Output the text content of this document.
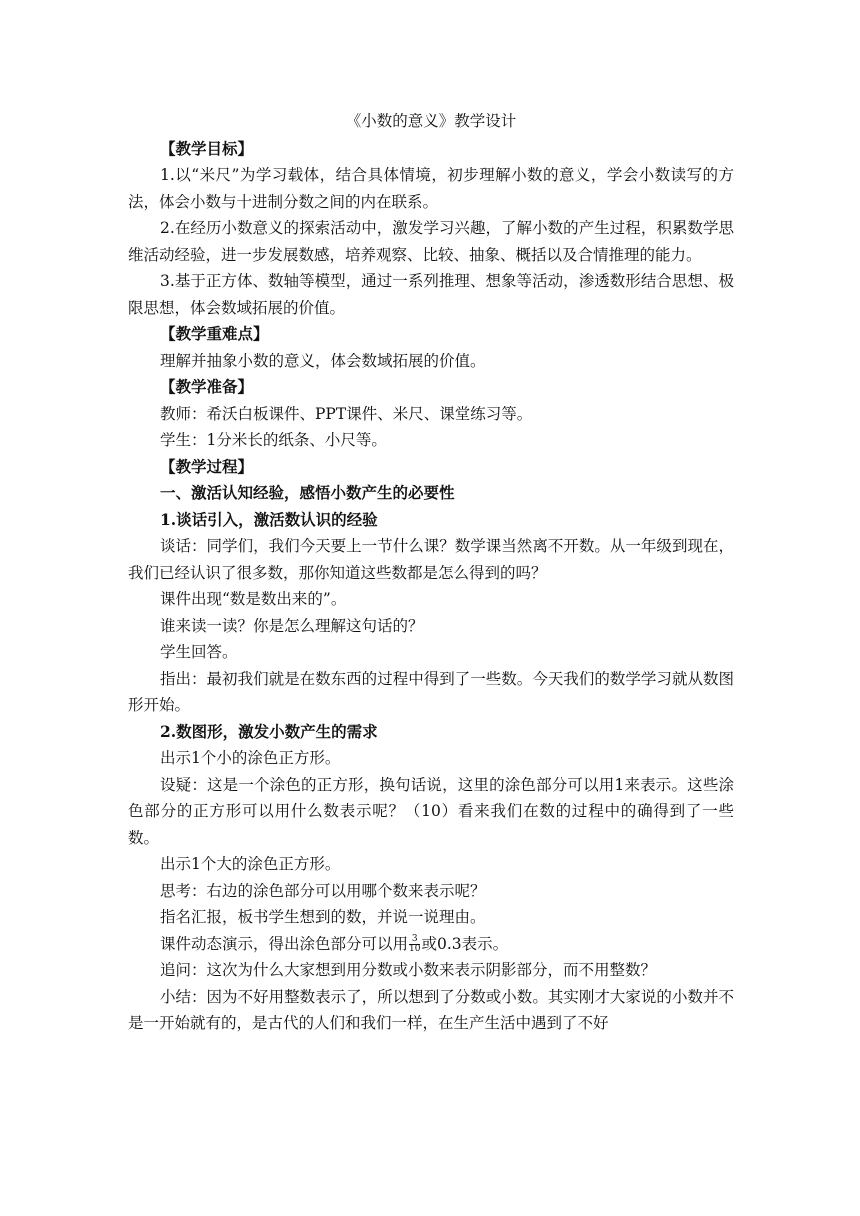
《小数的意义》教学设计
【教学目标】

1.以“米尺”为学习载体，结合具体情境，初步理解小数的意义，学会小数读写的方法，体会小数与十进制分数之间的内在联系。

2.在经历小数意义的探索活动中，激发学习兴趣，了解小数的产生过程，积累数学思维活动经验，进一步发展数感，培养观察、比较、抽象、概括以及合情推理的能力。

3.基于正方体、数轴等模型，通过一系列推理、想象等活动，渗透数形结合思想、极限思想，体会数域拓展的价值。

【教学重难点】

理解并抽象小数的意义，体会数域拓展的价值。

【教学准备】

教师：希沃白板课件、PPT课件、米尺、课堂练习等。

学生：1分米长的纸条、小尺等。

【教学过程】

一、激活认知经验，感悟小数产生的必要性

1.谈话引入，激活数认识的经验

谈话：同学们，我们今天要上一节什么课？数学课当然离不开数。从一年级到现在，我们已经认识了很多数，那你知道这些数都是怎么得到的吗？

课件出现“数是数出来的”。

谁来读一读？你是怎么理解这句话的？

学生回答。

指出：最初我们就是在数东西的过程中得到了一些数。今天我们的数学学习就从数图形开始。

2.数图形，激发小数产生的需求

出示1个小的涂色正方形。

设疑：这是一个涂色的正方形，换句话说，这里的涂色部分可以用1来表示。这些涂色部分的正方形可以用什么数表示呢？（10）看来我们在数的过程中的确得到了一些数。

出示1个大的涂色正方形。

思考：右边的涂色部分可以用哪个数来表示呢？

指名汇报，板书学生想到的数，并说一说理由。

课件动态演示，得出涂色部分可以用 $\frac{3}{10}$ 或0.3表示。

追问：这次为什么大家想到用分数或小数来表示阴影部分，而不用整数？

小结：因为不好用整数表示了，所以想到了分数或小数。其实刚才大家说的小数并不是一开始就有的，是古代的人们和我们一样，在生产生活中遇到了不好
